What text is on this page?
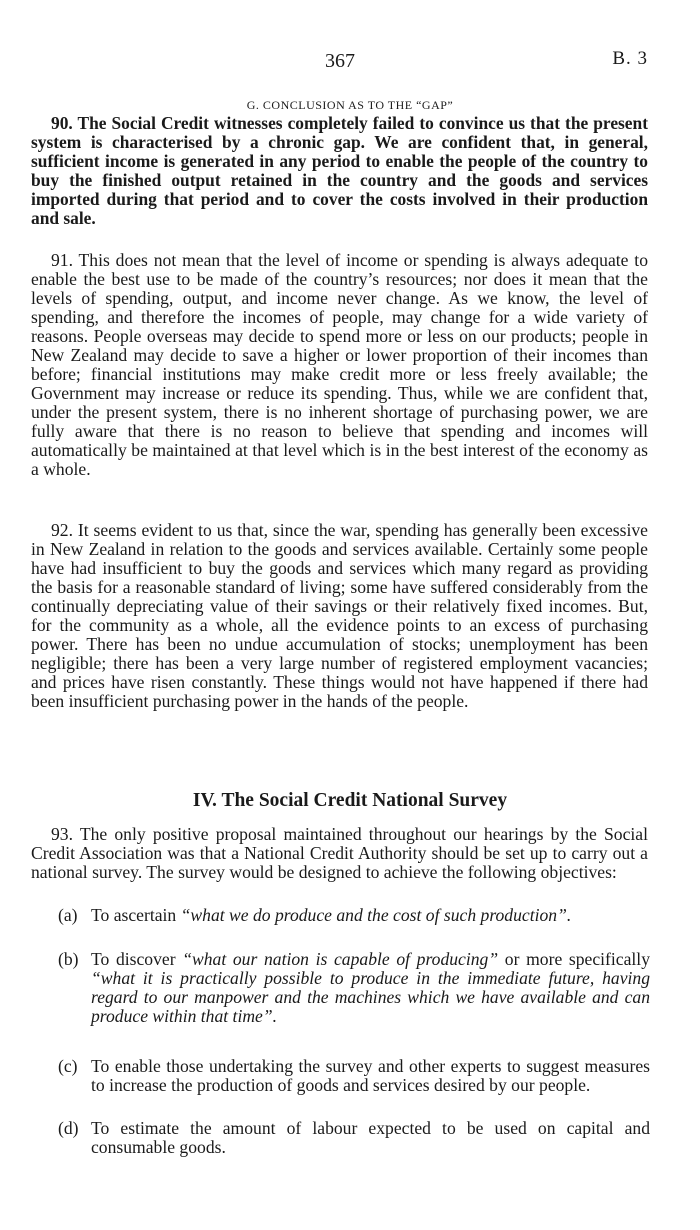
367	B. 3
G. CONCLUSION AS TO THE “GAP”

90. The Social Credit witnesses completely failed to convince us that the present system is characterised by a chronic gap. We are confident that, in general, sufficient income is generated in any period to enable the people of the country to buy the finished output retained in the country and the goods and services imported during that period and to cover the costs involved in their production and sale.

91. This does not mean that the level of income or spending is always adequate to enable the best use to be made of the country’s resources; nor does it mean that the levels of spending, output, and income never change. As we know, the level of spending, and therefore the incomes of people, may change for a wide variety of reasons. People overseas may decide to spend more or less on our products; people in New Zealand may decide to save a higher or lower proportion of their incomes than before; financial institutions may make credit more or less freely available; the Government may increase or reduce its spending. Thus, while we are confident that, under the present system, there is no inherent shortage of purchasing power, we are fully aware that there is no reason to believe that spending and incomes will automatically be maintained at that level which is in the best interest of the economy as a whole.

92. It seems evident to us that, since the war, spending has generally been excessive in New Zealand in relation to the goods and services available. Certainly some people have had insufficient to buy the goods and services which many regard as providing the basis for a reasonable standard of living; some have suffered considerably from the continually depreciating value of their savings or their relatively fixed incomes. But, for the community as a whole, all the evidence points to an excess of purchasing power. There has been no undue accumulation of stocks; unemployment has been negligible; there has been a very large number of registered employment vacancies; and prices have risen constantly. These things would not have happened if there had been insufficient purchasing power in the hands of the people.

IV. The Social Credit National Survey

93. The only positive proposal maintained throughout our hearings by the Social Credit Association was that a National Credit Authority should be set up to carry out a national survey. The survey would be designed to achieve the following objectives:

(a) To ascertain “what we do produce and the cost of such production”.
(b) To discover “what our nation is capable of producing” or more specifically “what it is practically possible to produce in the immediate future, having regard to our manpower and the machines which we have available and can produce within that time”.
(c) To enable those undertaking the survey and other experts to suggest measures to increase the production of goods and services desired by our people.
(d) To estimate the amount of labour expected to be used on capital and consumable goods.
